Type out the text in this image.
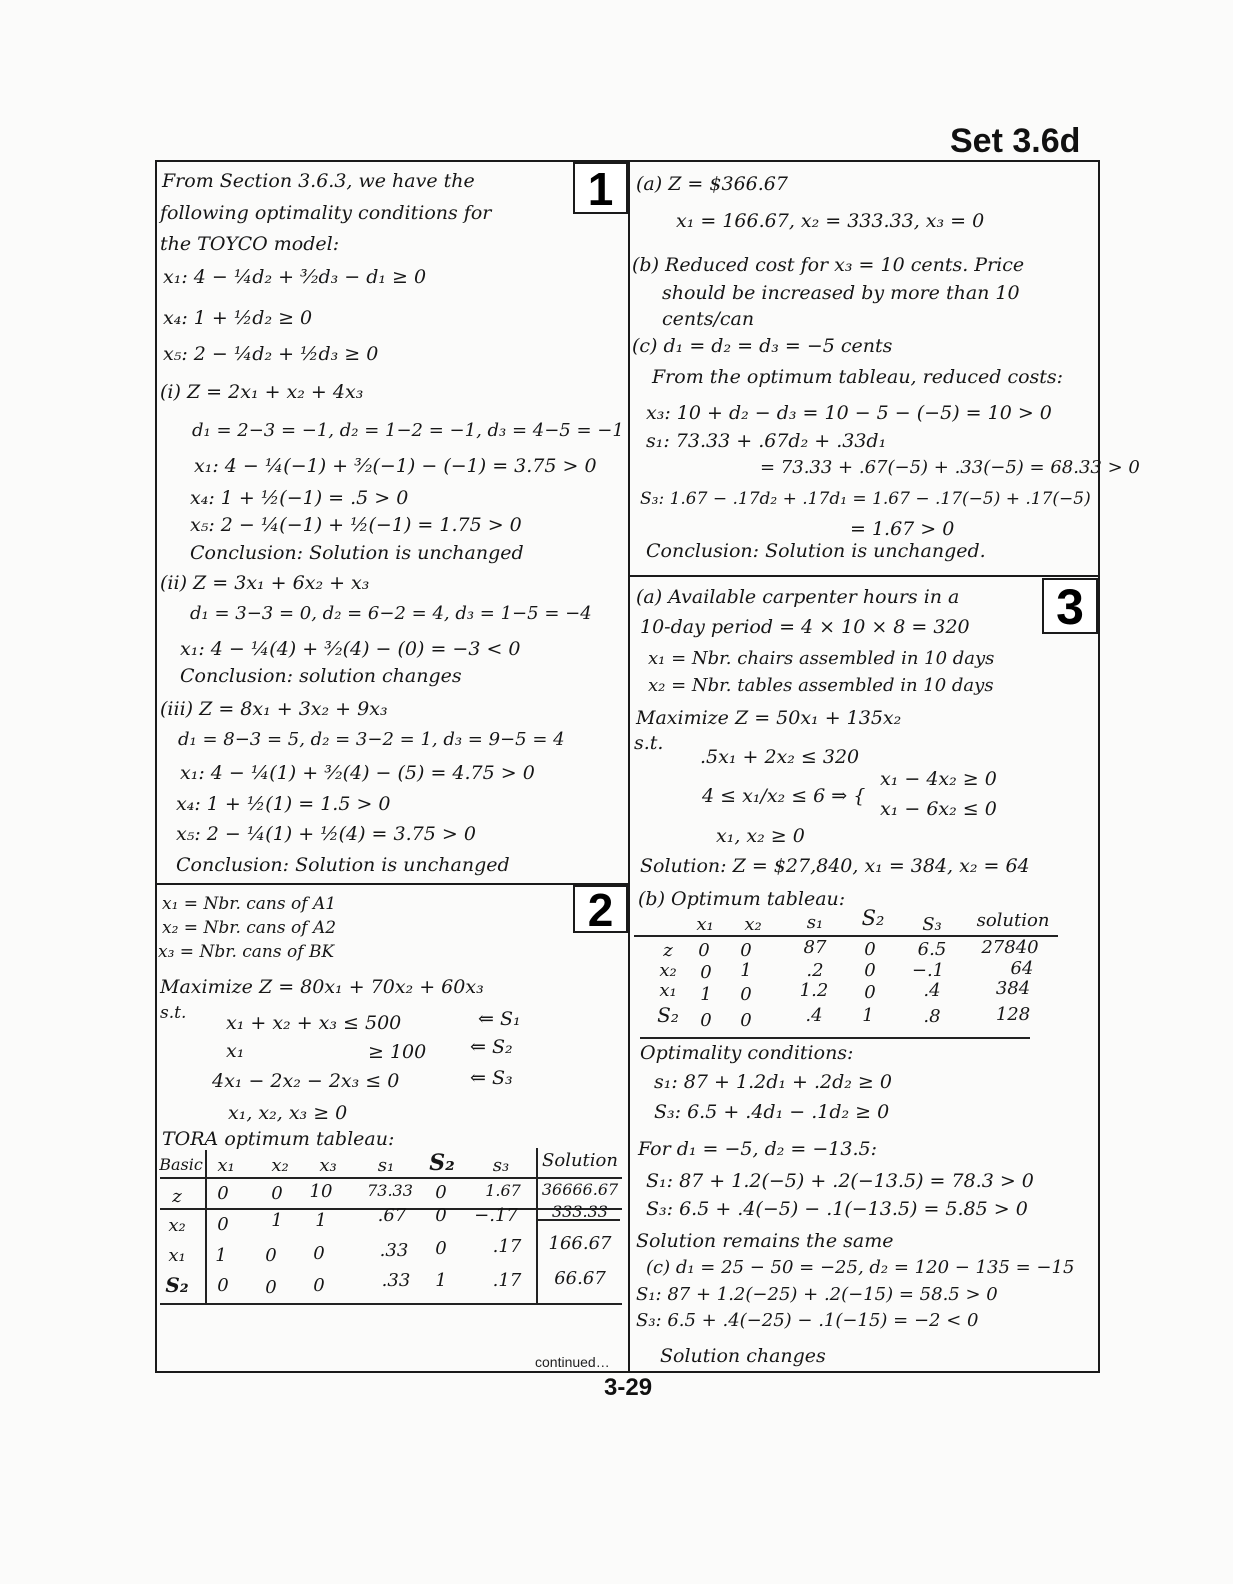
Set 3.6d
1
2
3
From Section 3.6.3, we have the
following optimality conditions for
the TOYCO model:
x₁: 4 − ¼d₂ + ³⁄₂d₃ − d₁ ≥ 0
x₄: 1 + ½d₂ ≥ 0
x₅: 2 − ¼d₂ + ½d₃ ≥ 0
(i) Z = 2x₁ + x₂ + 4x₃
d₁ = 2−3 = −1, d₂ = 1−2 = −1, d₃ = 4−5 = −1
x₁: 4 − ¼(−1) + ³⁄₂(−1) − (−1) = 3.75 > 0
x₄: 1 + ½(−1) = .5 > 0
x₅: 2 − ¼(−1) + ½(−1) = 1.75 > 0
Conclusion: Solution is unchanged
(ii) Z = 3x₁ + 6x₂ + x₃
d₁ = 3−3 = 0, d₂ = 6−2 = 4, d₃ = 1−5 = −4
x₁: 4 − ¼(4) + ³⁄₂(4) − (0) = −3 < 0
Conclusion: solution changes
(iii) Z = 8x₁ + 3x₂ + 9x₃
d₁ = 8−3 = 5, d₂ = 3−2 = 1, d₃ = 9−5 = 4
x₁: 4 − ¼(1) + ³⁄₂(4) − (5) = 4.75 > 0
x₄: 1 + ½(1) = 1.5 > 0
x₅: 2 − ¼(1) + ½(4) = 3.75 > 0
Conclusion: Solution is unchanged
x₁ = Nbr. cans of A1
x₂ = Nbr. cans of A2
x₃ = Nbr. cans of BK
Maximize Z = 80x₁ + 70x₂ + 60x₃
s.t. x₁ + x₂ + x₃ ≤ 500	⇐ S₁
x₁	≥ 100 ⇐ S₂
4x₁ − 2x₂ − 2x₃ ≤ 0	⇐ S₃
x₁, x₂, x₃ ≥ 0
TORA optimum tableau:
Basic x₁	x₂	x₃	s₁	S₂	s₃	Solution
z	0	0	10	73.33	0	1.67	36666.67
x₂	0	1	1	.67	0	−.17	333.33
x₁	1	0	0	.33	0	.17	166.67
S₂	0	0	0	.33	1	.17	66.67
(a) Z = $366.67
x₁ = 166.67, x₂ = 333.33, x₃ = 0
(b) Reduced cost for x₃ = 10 cents. Price
should be increased by more than 10
cents/can
(c) d₁ = d₂ = d₃ = −5 cents
From the optimum tableau, reduced costs:
x₃: 10 + d₂ − d₃ = 10 − 5 − (−5) = 10 > 0
s₁: 73.33 + .67d₂ + .33d₁
= 73.33 + .67(−5) + .33(−5) = 68.33 > 0
S₃: 1.67 − .17d₂ + .17d₁ = 1.67 − .17(−5) + .17(−5)
= 1.67 > 0
Conclusion: Solution is unchanged.
(a) Available carpenter hours in a
10-day period = 4 × 10 × 8 = 320
x₁ = Nbr. chairs assembled in 10 days
x₂ = Nbr. tables assembled in 10 days
Maximize Z = 50x₁ + 135x₂
s.t.
.5x₁ + 2x₂ ≤ 320
x₁ − 4x₂ ≥ 0
4 ≤ x₁/x₂ ≤ 6 ⇒ {
x₁ − 6x₂ ≤ 0
x₁, x₂ ≥ 0
Solution: Z = $27,840, x₁ = 384, x₂ = 64
(b) Optimum tableau:
x₁	x₂	s₁	S₂	S₃	solution
z	0	0	87	0	6.5	27840
x₂	0	1	.2	0	−.1	64
x₁	1	0	1.2	0	.4	384
S₂	0	0	.4	1	.8	128
Optimality conditions:
s₁: 87 + 1.2d₁ + .2d₂ ≥ 0
S₃: 6.5 + .4d₁ − .1d₂ ≥ 0
For d₁ = −5, d₂ = −13.5:
S₁: 87 + 1.2(−5) + .2(−13.5) = 78.3 > 0
S₃: 6.5 + .4(−5) − .1(−13.5) = 5.85 > 0
Solution remains the same
(c) d₁ = 25 − 50 = −25, d₂ = 120 − 135 = −15
S₁: 87 + 1.2(−25) + .2(−15) = 58.5 > 0
S₃: 6.5 + .4(−25) − .1(−15) = −2 < 0
Solution changes
continued…
3-29
